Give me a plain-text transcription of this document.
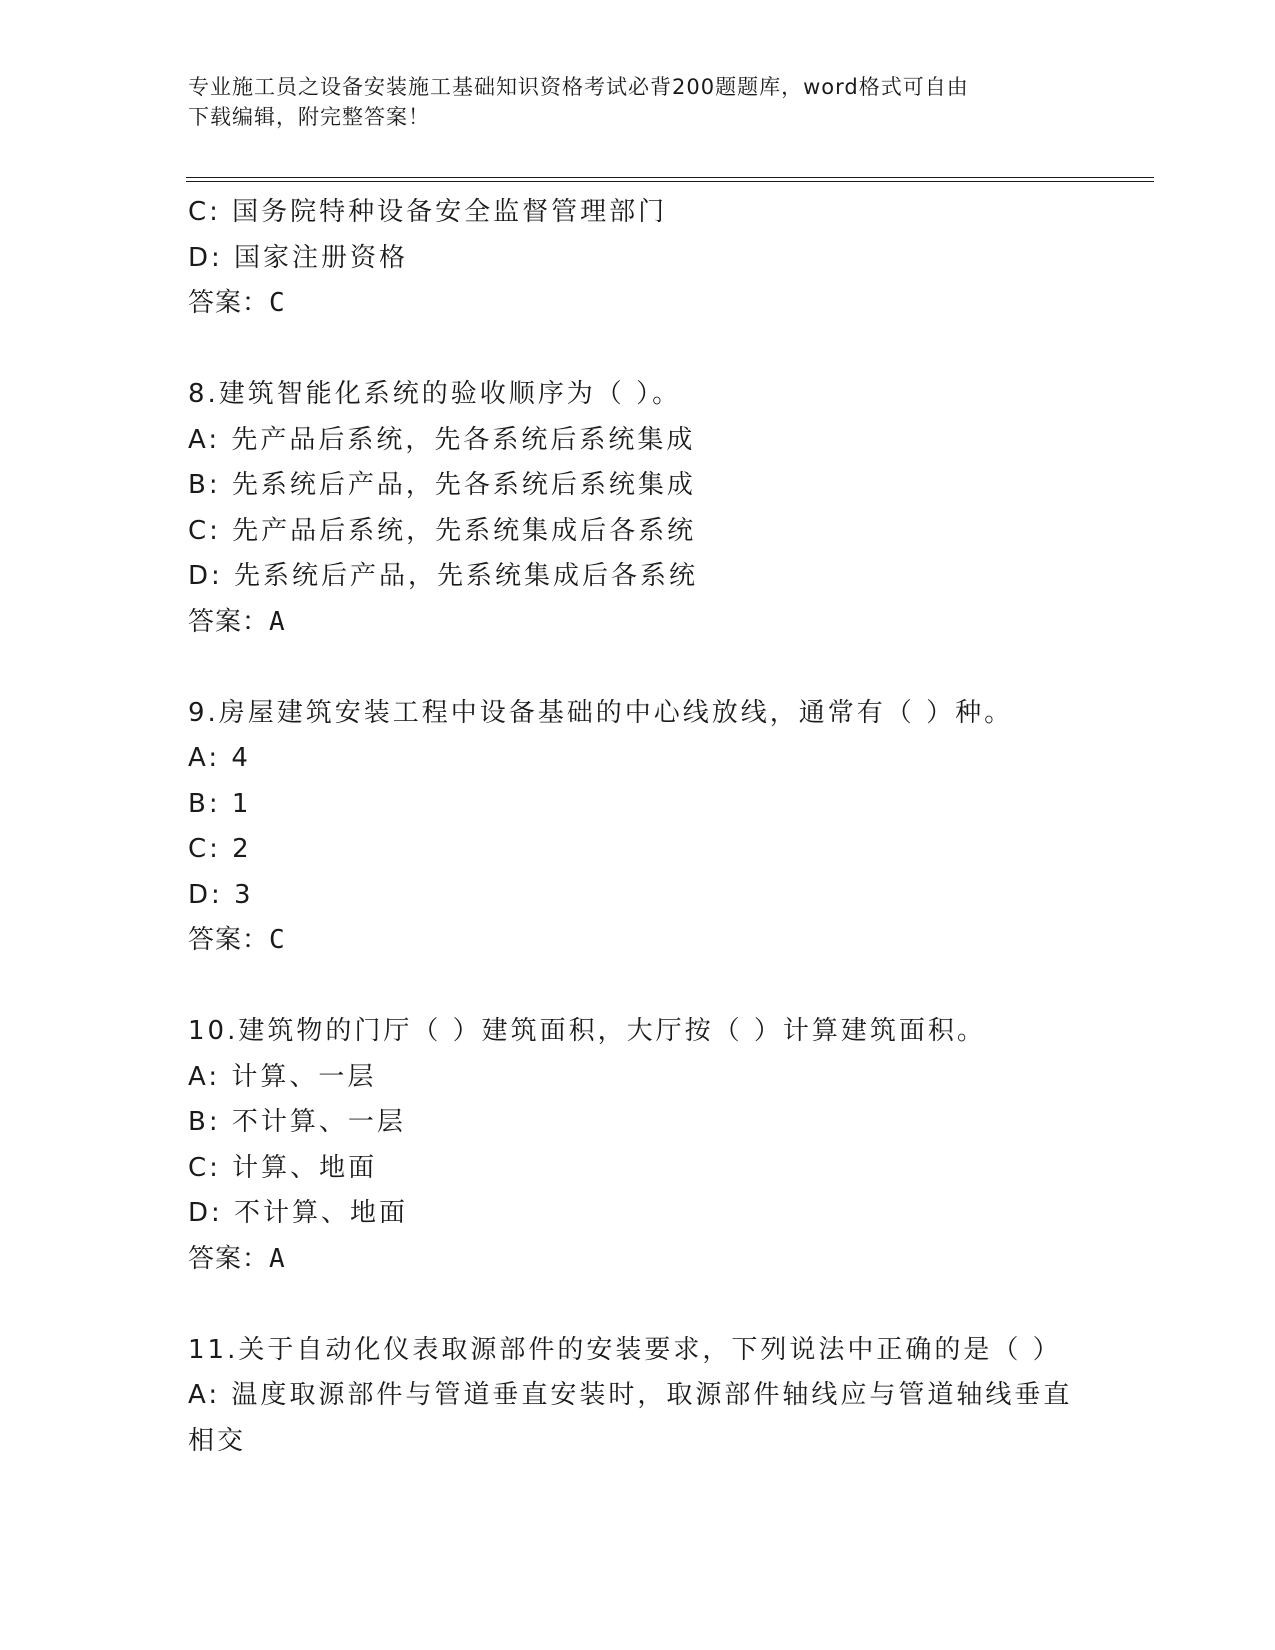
专业施工员之设备安装施工基础知识资格考试必背200题题库，word格式可自由
下载编辑，附完整答案！
C: 国务院特种设备安全监督管理部门
D: 国家注册资格
答案：C
8.建筑智能化系统的验收顺序为（ ）。
A: 先产品后系统，先各系统后系统集成
B: 先系统后产品，先各系统后系统集成
C: 先产品后系统，先系统集成后各系统
D: 先系统后产品，先系统集成后各系统
答案：A
9.房屋建筑安装工程中设备基础的中心线放线，通常有（ ）种。
A: 4
B: 1
C: 2
D: 3
答案：C
10.建筑物的门厅（ ）建筑面积，大厅按（ ）计算建筑面积。
A: 计算、一层
B: 不计算、一层
C: 计算、地面
D: 不计算、地面
答案：A
11.关于自动化仪表取源部件的安装要求，下列说法中正确的是（ ）
A: 温度取源部件与管道垂直安装时，取源部件轴线应与管道轴线垂直
相交
